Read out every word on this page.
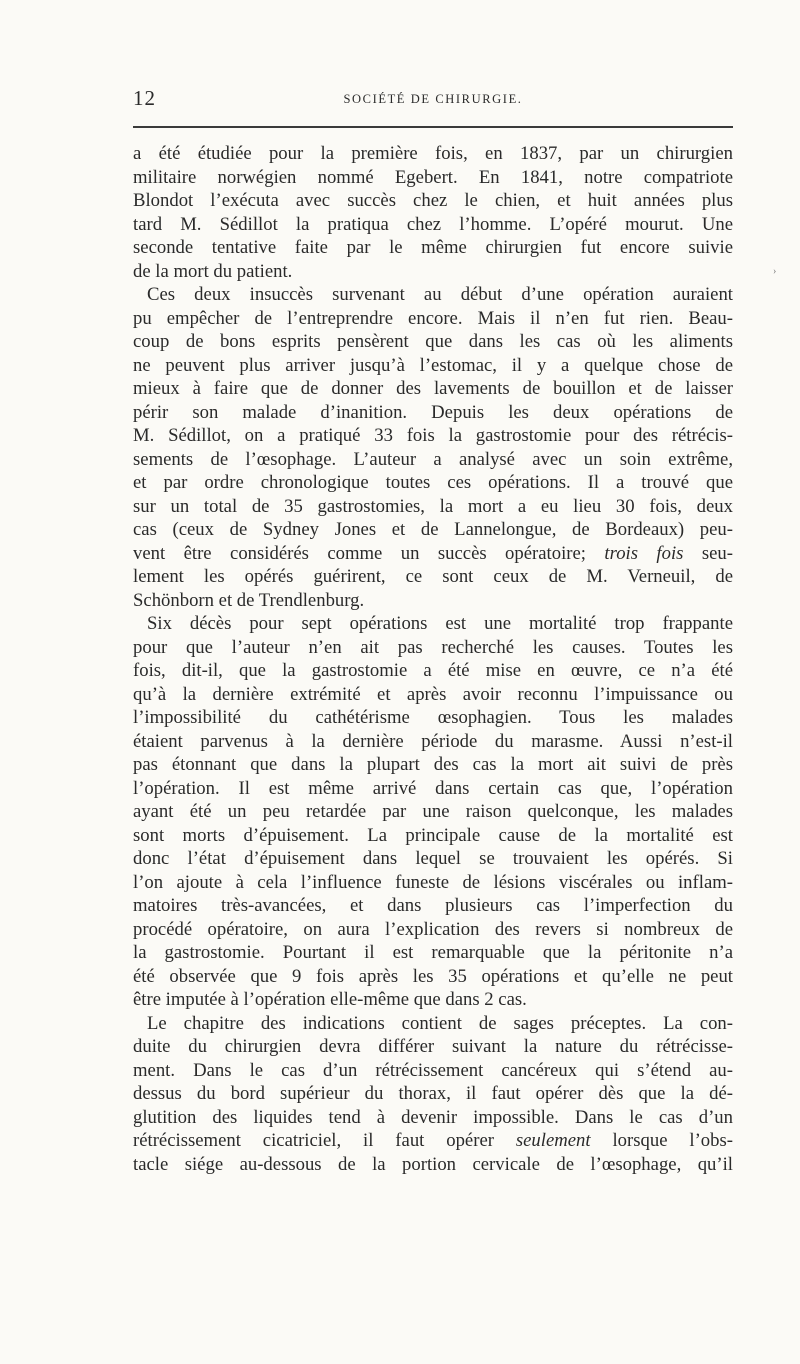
12	SOCIÉTÉ DE CHIRURGIE.
a été étudiée pour la première fois, en 1837, par un chirurgien
militaire norwégien nommé Egebert. En 1841, notre compatriote
Blondot l’exécuta avec succès chez le chien, et huit années plus
tard M. Sédillot la pratiqua chez l’homme. L’opéré mourut. Une
seconde tentative faite par le même chirurgien fut encore suivie
de la mort du patient.
Ces deux insuccès survenant au début d’une opération auraient
pu empêcher de l’entreprendre encore. Mais il n’en fut rien. Beau-
coup de bons esprits pensèrent que dans les cas où les aliments
ne peuvent plus arriver jusqu’à l’estomac, il y a quelque chose de
mieux à faire que de donner des lavements de bouillon et de laisser
périr son malade d’inanition. Depuis les deux opérations de
M. Sédillot, on a pratiqué 33 fois la gastrostomie pour des rétrécis-
sements de l’œsophage. L’auteur a analysé avec un soin extrême,
et par ordre chronologique toutes ces opérations. Il a trouvé que
sur un total de 35 gastrostomies, la mort a eu lieu 30 fois, deux
cas (ceux de Sydney Jones et de Lannelongue, de Bordeaux) peu-
vent être considérés comme un succès opératoire; trois fois seu-
lement les opérés guérirent, ce sont ceux de M. Verneuil, de
Schönborn et de Trendlenburg.
Six décès pour sept opérations est une mortalité trop frappante
pour que l’auteur n’en ait pas recherché les causes. Toutes les
fois, dit-il, que la gastrostomie a été mise en œuvre, ce n’a été
qu’à la dernière extrémité et après avoir reconnu l’impuissance ou
l’impossibilité du cathétérisme œsophagien. Tous les malades
étaient parvenus à la dernière période du marasme. Aussi n’est-il
pas étonnant que dans la plupart des cas la mort ait suivi de près
l’opération. Il est même arrivé dans certain cas que, l’opération
ayant été un peu retardée par une raison quelconque, les malades
sont morts d’épuisement. La principale cause de la mortalité est
donc l’état d’épuisement dans lequel se trouvaient les opérés. Si
l’on ajoute à cela l’influence funeste de lésions viscérales ou inflam-
matoires très-avancées, et dans plusieurs cas l’imperfection du
procédé opératoire, on aura l’explication des revers si nombreux de
la gastrostomie. Pourtant il est remarquable que la péritonite n’a
été observée que 9 fois après les 35 opérations et qu’elle ne peut
être imputée à l’opération elle-même que dans 2 cas.
Le chapitre des indications contient de sages préceptes. La con-
duite du chirurgien devra différer suivant la nature du rétrécisse-
ment. Dans le cas d’un rétrécissement cancéreux qui s’étend au-
dessus du bord supérieur du thorax, il faut opérer dès que la dé-
glutition des liquides tend à devenir impossible. Dans le cas d’un
rétrécissement cicatriciel, il faut opérer seulement lorsque l’obs-
tacle siége au-dessous de la portion cervicale de l’œsophage, qu’il
›
